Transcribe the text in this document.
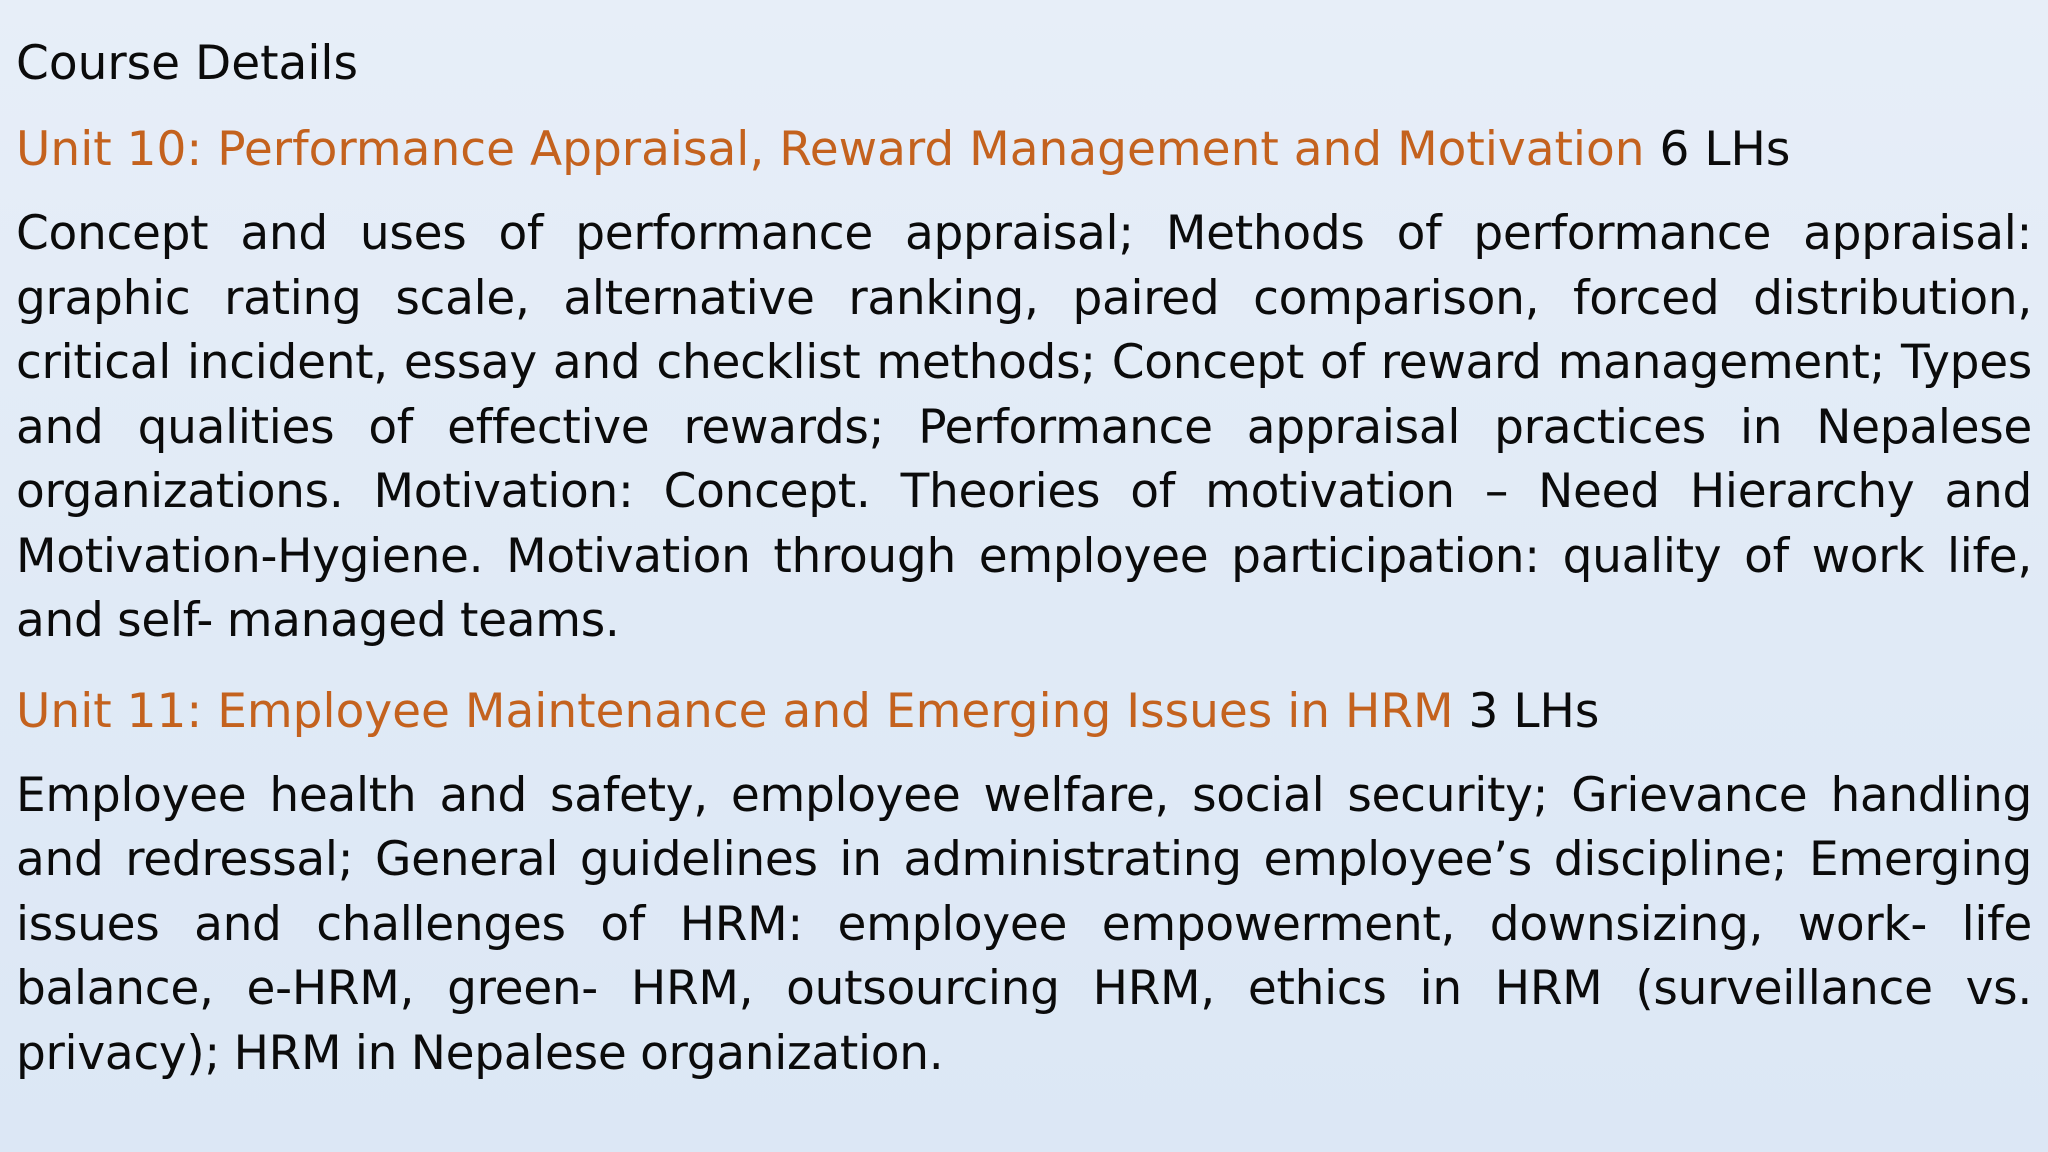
Course Details
Unit 10: Performance Appraisal, Reward Management and Motivation 6 LHs
Concept and uses of performance appraisal; Methods of performance appraisal: graphic rating scale, alternative ranking, paired comparison, forced distribution, critical incident, essay and checklist methods; Concept of reward management; Types and qualities of effective rewards; Performance appraisal practices in Nepalese organizations. Motivation: Concept. Theories of motivation – Need Hierarchy and Motivation-Hygiene. Motivation through employee participation: quality of work life, and self- managed teams.
Unit 11: Employee Maintenance and Emerging Issues in HRM 3 LHs
Employee health and safety, employee welfare, social security; Grievance handling and redressal; General guidelines in administrating employee’s discipline; Emerging issues and challenges of HRM: employee empowerment, downsizing, work- life balance, e-HRM, green- HRM, outsourcing HRM, ethics in HRM (surveillance vs. privacy); HRM in Nepalese organization.
